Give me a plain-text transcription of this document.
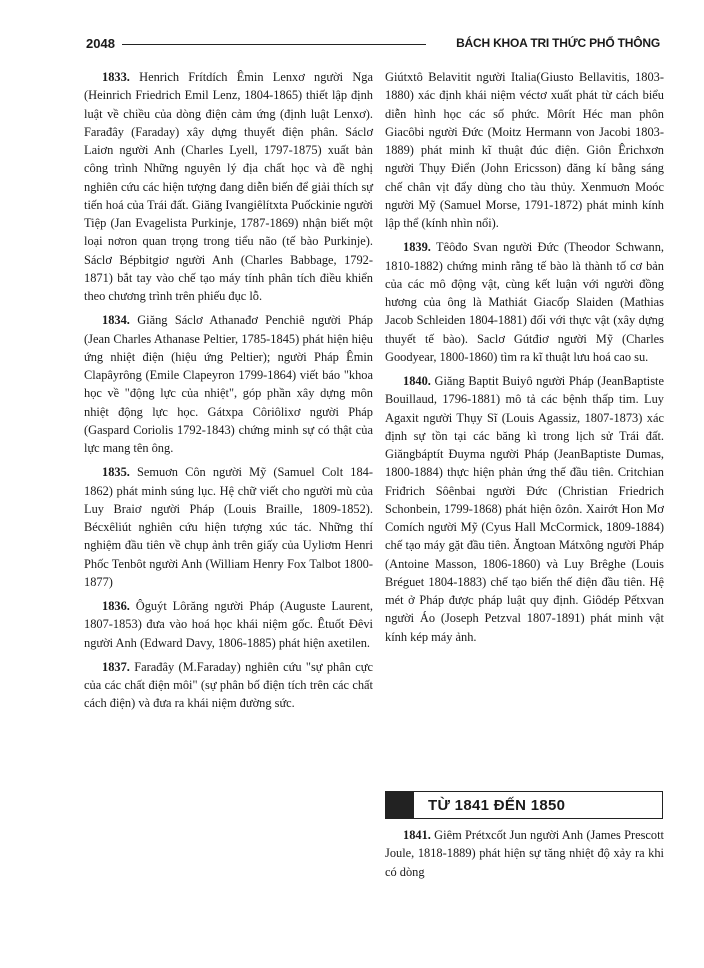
2048	BÁCH KHOA TRI THỨC PHỔ THÔNG

1833. Henrich Frítdích Êmin Lenxơ người Nga (Heinrich Friedrich Emil Lenz, 1804-1865) thiết lập định luật về chiều của dòng điện cảm ứng (định luật Lenxơ). Farađây (Faraday) xây dựng thuyết điện phân. Sáclơ Laiơn người Anh (Charles Lyell, 1797-1875) xuất bản công trình Những nguyên lý địa chất học và đề nghị nghiên cứu các hiện tượng đang diễn biến để giải thích sự tiến hoá của Trái đất. Giăng Ivangiêlítxta Puốckinie người Tiệp (Jan Evagelista Purkinje, 1787-1869) nhận biết một loại nơron quan trọng trong tiểu não (tế bào Purkinje). Sáclơ Bépbitgiơ người Anh (Charles Babbage, 1792-1871) bắt tay vào chế tạo máy tính phân tích điều khiển theo chương trình trên phiếu đục lỗ.

1834. Giăng Sáclơ Athanađơ Penchiê người Pháp (Jean Charles Athanase Peltier, 1785-1845) phát hiện hiệu ứng nhiệt điện (hiệu ứng Peltier); người Pháp Êmin Clapâyrông (Emile Clapeyron 1799-1864) viết báo "khoa học về "động lực của nhiệt", góp phần xây dựng môn nhiệt động lực học. Gátxpa Côriôlixơ người Pháp (Gaspard Coriolis 1792-1843) chứng minh sự có thật của lực mang tên ông.

1835. Semuơn Côn người Mỹ (Samuel Colt 184-1862) phát minh súng lục. Hệ chữ viết cho người mù của Luy Braiơ người Pháp (Louis Braille, 1809-1852). Bécxêliút nghiên cứu hiện tượng xúc tác. Những thí nghiệm đầu tiên về chụp ảnh trên giấy của Uyliơm Henri Phốc Tenbôt người Anh (William Henry Fox Talbot 1800-1877)

1836. Ôguýt Lôrăng người Pháp (Auguste Laurent, 1807-1853) đưa vào hoá học khái niệm gốc. Êtuốt Đêvi người Anh (Edward Davy, 1806-1885) phát hiện axetilen.

1837. Farađây (M.Faraday) nghiên cứu "sự phân cực của các chất điện môi" (sự phân bố điện tích trên các chất cách điện) và đưa ra khái niệm đường sức.

Giútxtô Belavitit người Italia(Giusto Bellavitis, 1803-1880) xác định khái niệm véctơ xuất phát từ cách biểu diễn hình học các số phức. Môrít Héc man phôn Giacôbi người Đức (Moitz Hermann von Jacobi 1803-1889) phát minh kĩ thuật đúc điện. Giôn Êrichxơn người Thụy Điển (John Ericsson) đăng kí bằng sáng chế chân vịt đẩy dùng cho tàu thủy. Xenmuơn Moóc người Mỹ (Samuel Morse, 1791-1872) phát minh kính lập thể (kính nhìn nổi).

1839. Têôđo Svan người Đức (Theodor Schwann, 1810-1882) chứng minh rằng tế bào là thành tố cơ bản của các mô động vật, cùng kết luận với người đồng hương của ông là Mathiát Giacốp Slaiden (Mathias Jacob Schleiden 1804-1881) đối với thực vật (xây dựng thuyết tế bào). Saclơ Gútđiơ người Mỹ (Charles Goodyear, 1800-1860) tìm ra kĩ thuật lưu hoá cao su.

1840. Giăng Baptit Buiyô người Pháp (JeanBaptiste Bouillaud, 1796-1881) mô tả các bệnh thấp tim. Luy Agaxit người Thụy Sĩ (Louis Agassiz, 1807-1873) xác định sự tồn tại các băng kì trong lịch sử Trái đất. Giăngbáptít Đuyma người Pháp (JeanBaptiste Dumas, 1800-1884) thực hiện phản ứng thế đầu tiên. Critchian Friđrich Sôênbai người Đức (Christian Friedrich Schonbein, 1799-1868) phát hiện ôzôn. Xairớt Hon Mơ Comích người Mỹ (Cyus Hall McCormick, 1809-1884) chế tạo máy gặt đầu tiên. Ăngtoan Mátxông người Pháp (Antoine Masson, 1806-1860) và Luy Brêghe (Louis Bréguet 1804-1883) chế tạo biến thế điện đầu tiên. Hệ mét ở Pháp được pháp luật quy định. Giôdép Pếtxvan người Áo (Joseph Petzval 1807-1891) phát minh vật kính kép máy ảnh.

TỪ 1841 ĐẾN 1850

1841. Giêm Prétxcốt Jun người Anh (James Prescott Joule, 1818-1889) phát hiện sự tăng nhiệt độ xảy ra khi có dòng
